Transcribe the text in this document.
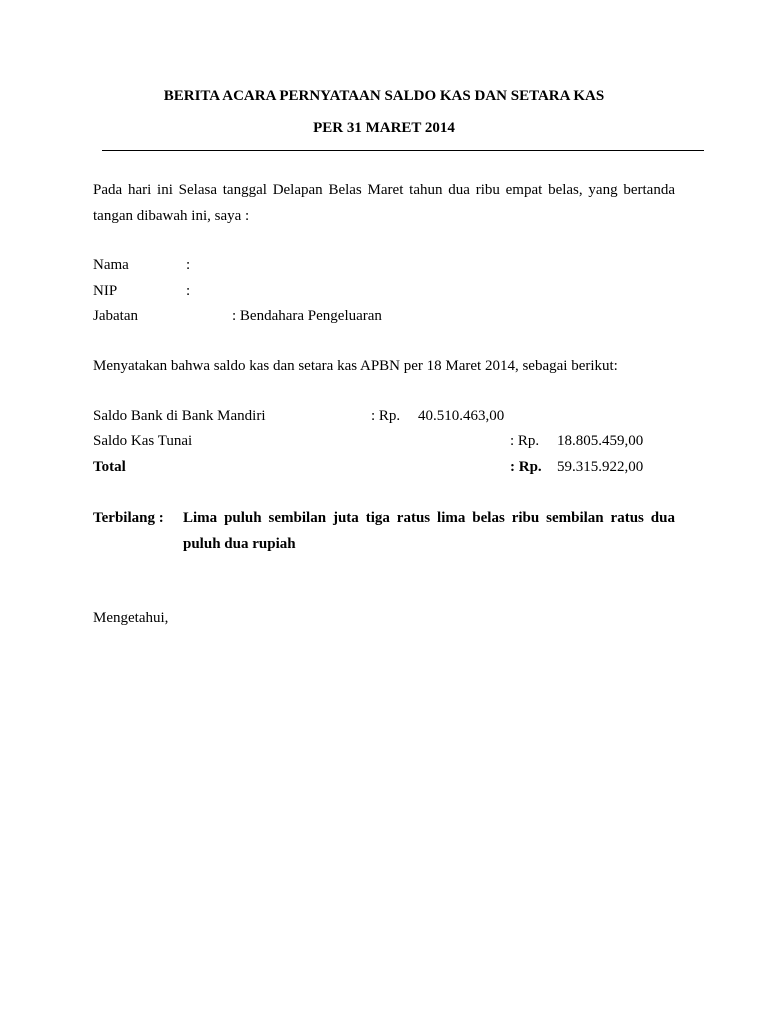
BERITA ACARA PERNYATAAN SALDO KAS DAN SETARA KAS
PER 31 MARET 2014
Pada hari ini Selasa tanggal Delapan Belas Maret tahun dua ribu empat belas, yang bertanda tangan dibawah ini, saya :
Nama	:
NIP	:
Jabatan	: Bendahara Pengeluaran
Menyatakan bahwa saldo kas dan setara kas APBN per 18 Maret 2014, sebagai berikut:
Saldo Bank di Bank Mandiri	: Rp. 40.510.463,00
Saldo Kas Tunai	: Rp. 18.805.459,00
Total	: Rp. 59.315.922,00
Terbilang : Lima puluh sembilan juta tiga ratus lima belas ribu sembilan ratus dua puluh dua rupiah
Mengetahui,
